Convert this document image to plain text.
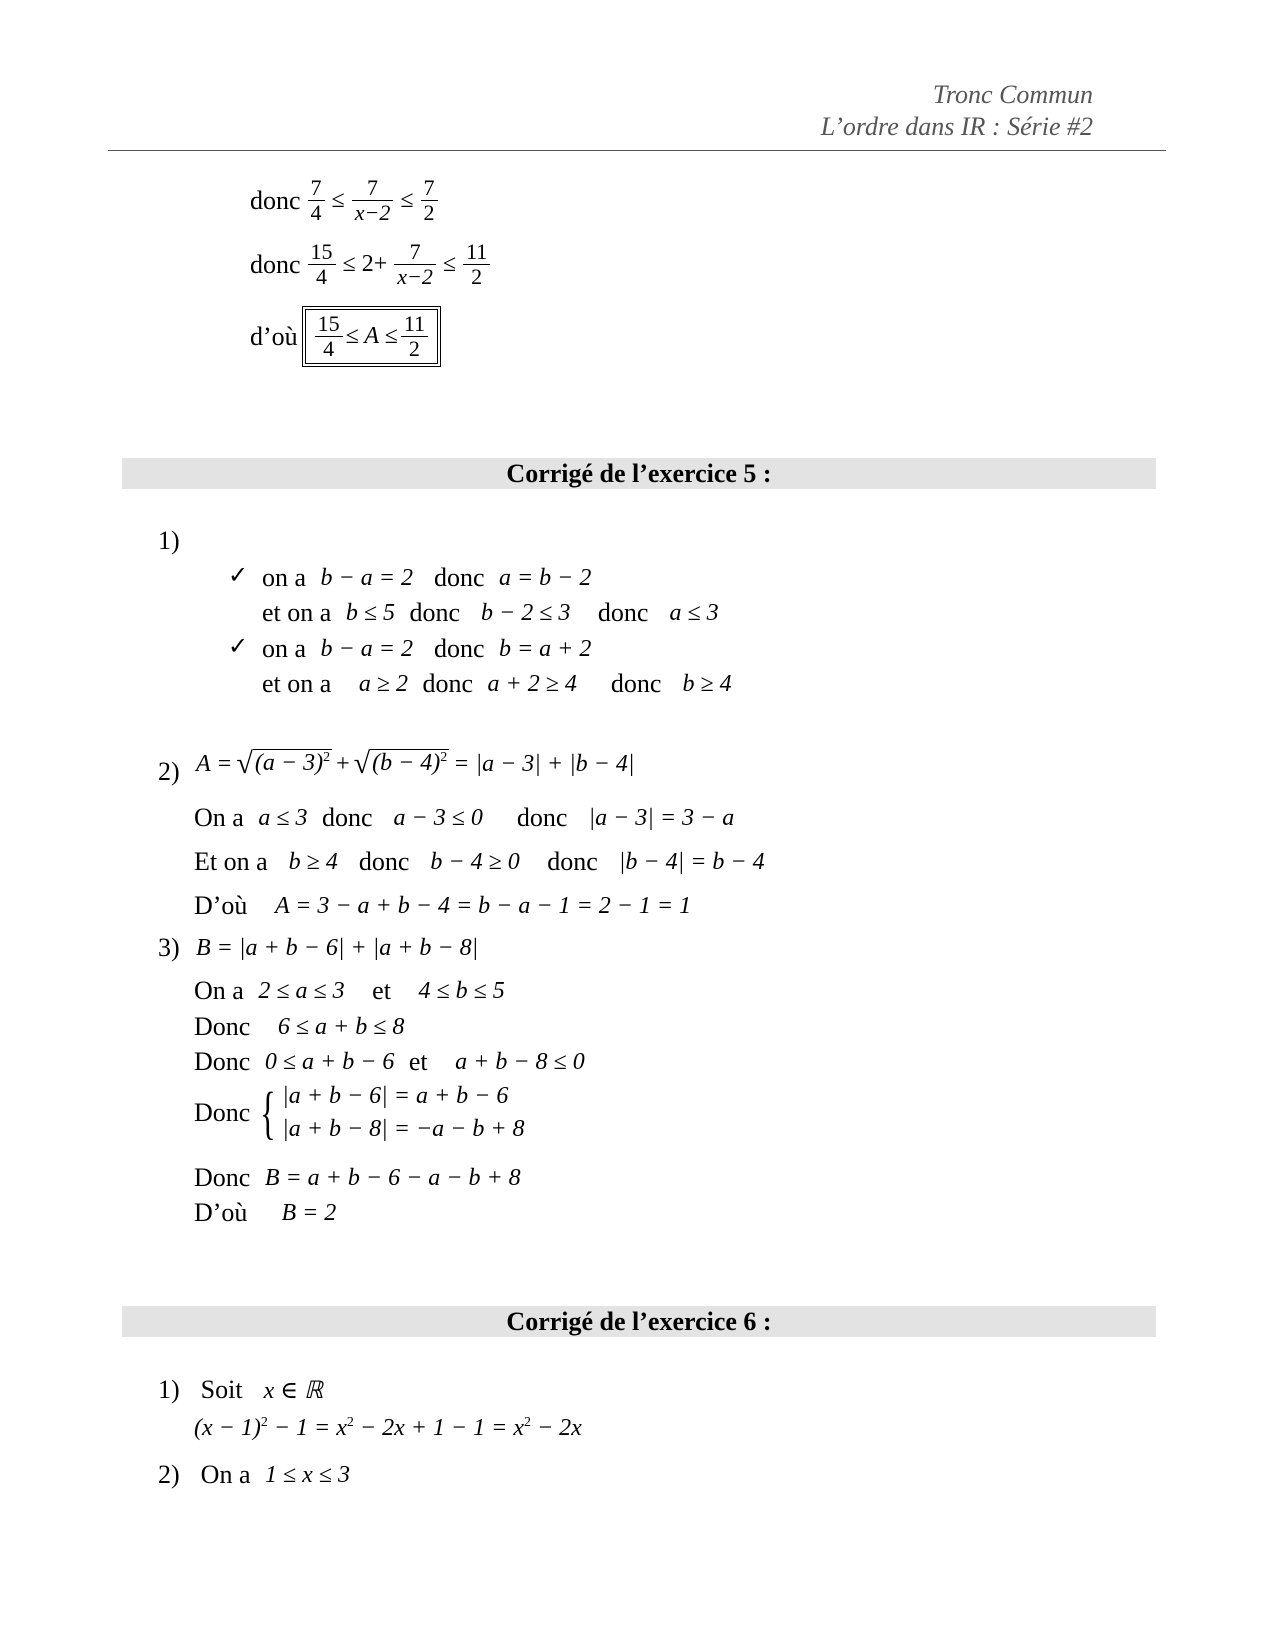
Tronc Commun
L’ordre dans IR : Série #2
donc $\frac{7}{4} \le \frac{7}{x-2} \le \frac{7}{2}$
donc $\frac{15}{4} \le 2+ \frac{7}{x-2} \le \frac{11}{2}$
d’où $\frac{15}{4} \le A \le \frac{11}{2}$
Corrigé de l’exercice 5 :
1)
✓ on a
b − a = 2
donc
a = b − 2
et on a
b ≤ 5
donc
b − 2 ≤ 3
donc
a ≤ 3
✓ on a
b − a = 2
donc
b = a + 2
et on a
a ≥ 2
donc
a + 2 ≥ 4
donc
b ≥ 4
2) A = √ $(a - 3)^2$ + √ $(b - 4)^2 = |a - 3| + |b - 4|$
On a
a ≤ 3
donc
a − 3 ≤ 0
donc
|a − 3| = 3 − a
Et on a
b ≥ 4
donc
b − 4 ≥ 0
donc
|b − 4| = b − 4
D’où
A = 3 − a + b − 4 = b − a − 1 = 2 − 1 = 1
3) B = |a + b − 6| + |a + b − 8|
On a
2 ≤ a ≤ 3
et
4 ≤ b ≤ 5
Donc
6 ≤ a + b ≤ 8
Donc
0 ≤ a + b − 6
et
a + b − 8 ≤ 0
Donc { |a + b − 6| = a + b − 6
|a + b − 8| = −a − b + 8
Donc
B = a + b − 6 − a − b + 8
D’où
B = 2
Corrigé de l’exercice 6 :
1)
Soit
x ∈ ℝ
$(x - 1)^2 - 1 = x^2 - 2x + 1 - 1 = x^2 - 2x$
2)
On a
1 ≤ x ≤ 3
